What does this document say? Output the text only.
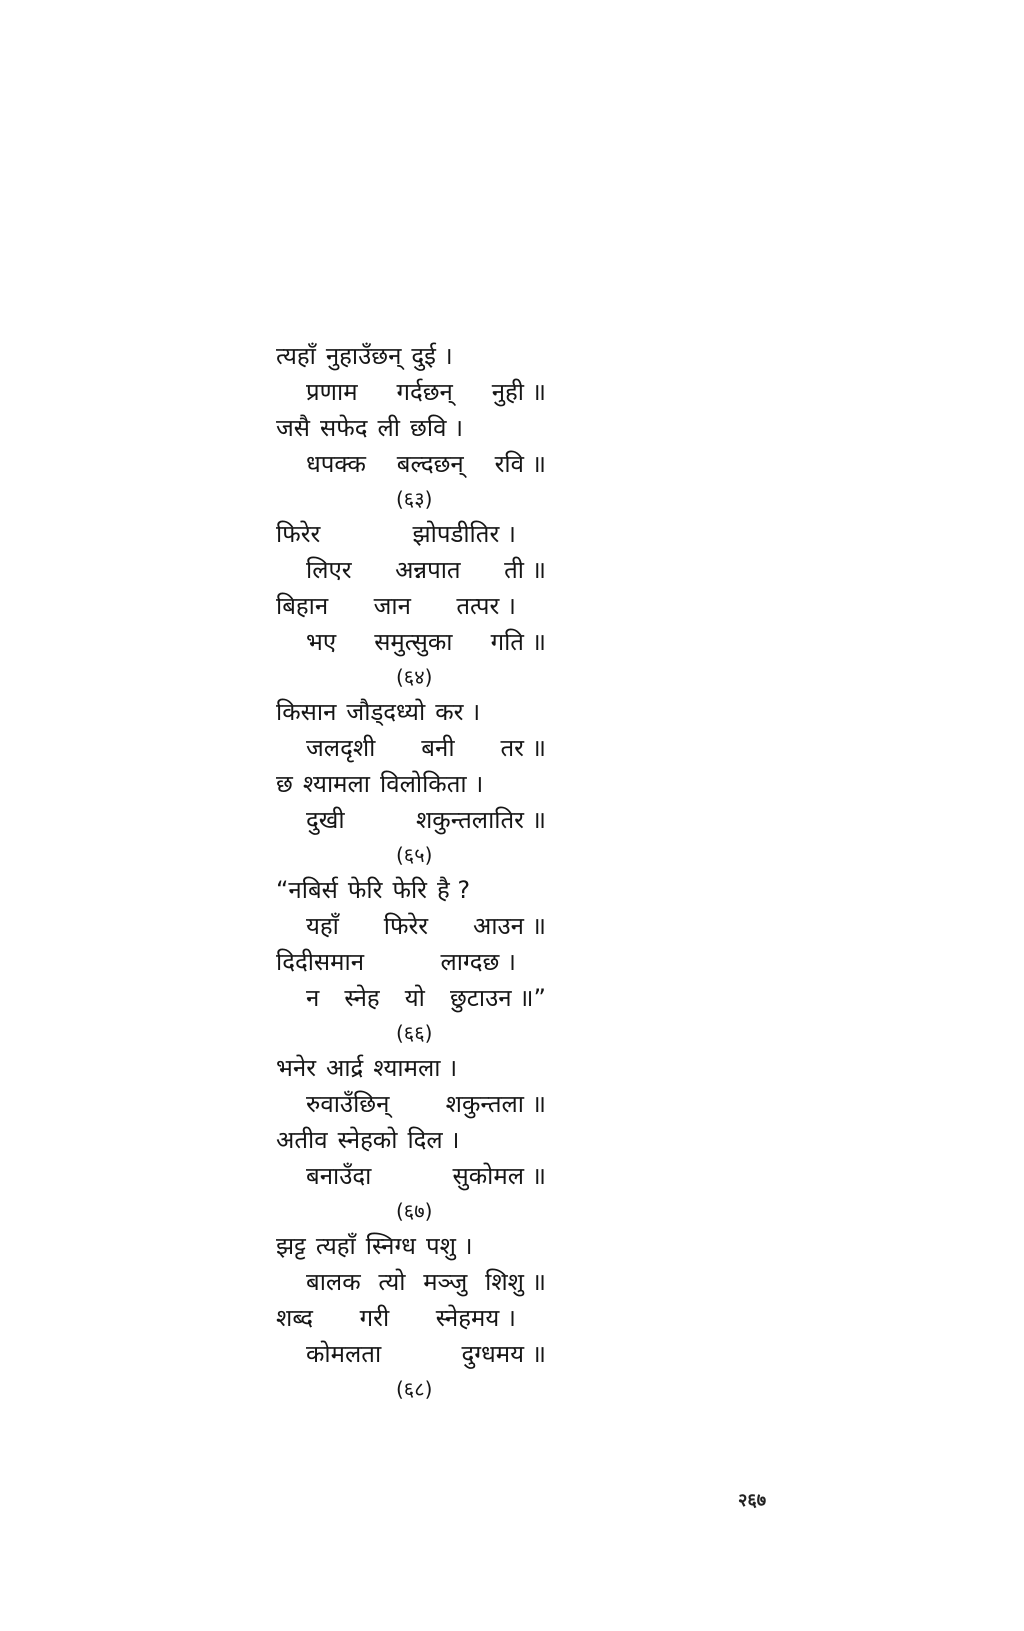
त्यहाँ नुहाउँछन् दुई ।
प्रणाम गर्दछन् नुही ॥
जसै सफेद ली छवि ।
धपक्क बल्दछन् रवि ॥
(६३)
फिरेर	झोपडीतिर ।
लिएर अन्नपात ती ॥
बिहान जान तत्पर ।
भए समुत्सुका गति ॥
(६४)
किसान जौड्दध्यो कर ।
जलदृशी बनी तर ॥
छ श्यामला विलोकिता ।
दुखी	शकुन्तलातिर ॥
(६५)
“नबिर्स फेरि फेरि है ?
यहाँ फिरेर आउन ॥
दिदीसमान	लाग्दछ ।
न स्नेह यो छुटाउन ॥”
(६६)
भनेर आर्द्र श्यामला ।
रुवाउँछिन् शकुन्तला ॥
अतीव स्नेहको दिल ।
बनाउँदा	सुकोमल ॥
(६७)
झट्ट त्यहाँ स्निग्ध पशु ।
बालक त्यो मञ्जु शिशु ॥
शब्द गरी स्नेहमय ।
कोमलता	दुग्धमय ॥
(६८)
२६७
